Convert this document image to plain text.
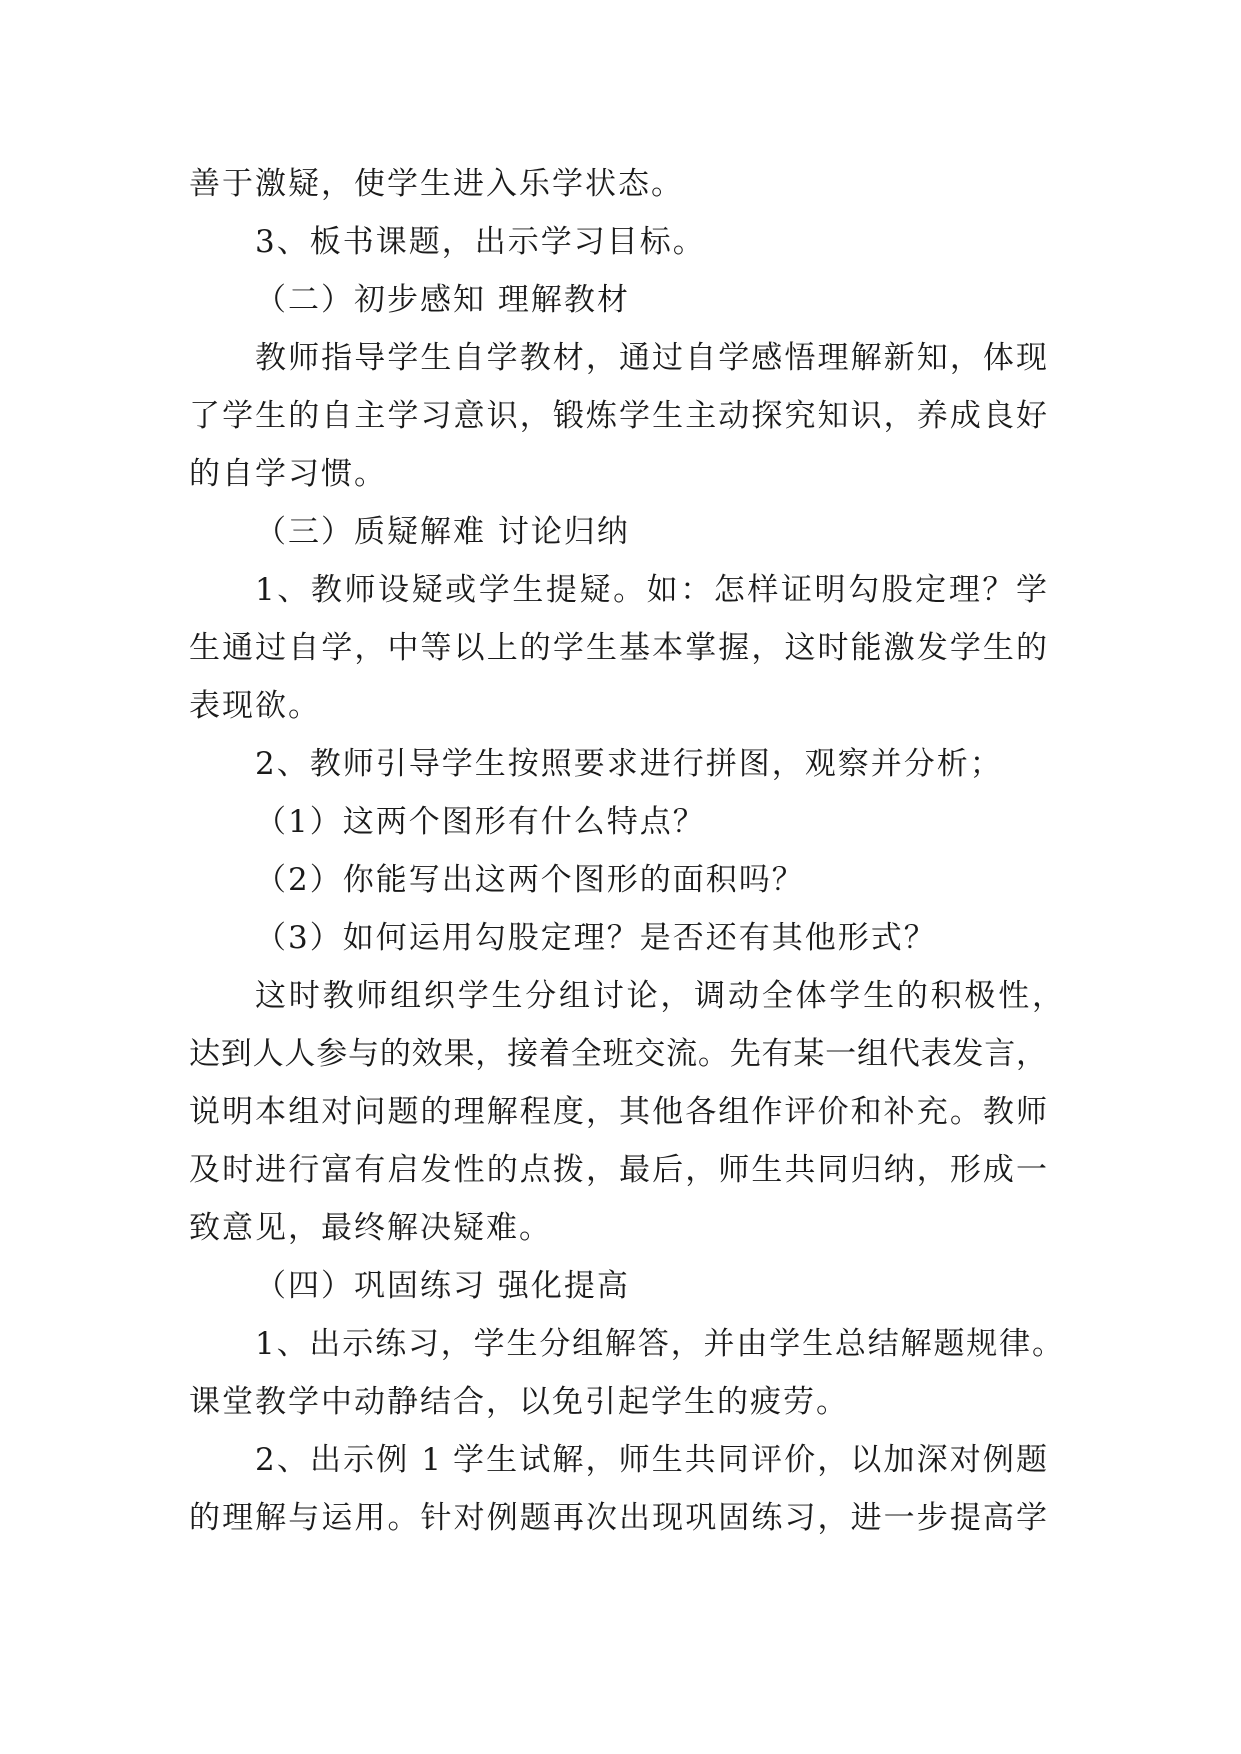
善于激疑，使学生进入乐学状态。
3、板书课题，出示学习目标。
（二）初步感知 理解教材
教师指导学生自学教材，通过自学感悟理解新知，体现
了学生的自主学习意识，锻炼学生主动探究知识，养成良好
的自学习惯。
（三）质疑解难 讨论归纳
1、教师设疑或学生提疑。如：怎样证明勾股定理？学
生通过自学，中等以上的学生基本掌握，这时能激发学生的
表现欲。
2、教师引导学生按照要求进行拼图，观察并分析；
（1）这两个图形有什么特点？
（2）你能写出这两个图形的面积吗？
（3）如何运用勾股定理？是否还有其他形式？
这时教师组织学生分组讨论，调动全体学生的积极性，
达到人人参与的效果，接着全班交流。先有某一组代表发言，
说明本组对问题的理解程度，其他各组作评价和补充。教师
及时进行富有启发性的点拨，最后，师生共同归纳，形成一
致意见，最终解决疑难。
（四）巩固练习 强化提高
1、出示练习，学生分组解答，并由学生总结解题规律。
课堂教学中动静结合，以免引起学生的疲劳。
2、出示例 1 学生试解，师生共同评价，以加深对例题
的理解与运用。针对例题再次出现巩固练习，进一步提高学
